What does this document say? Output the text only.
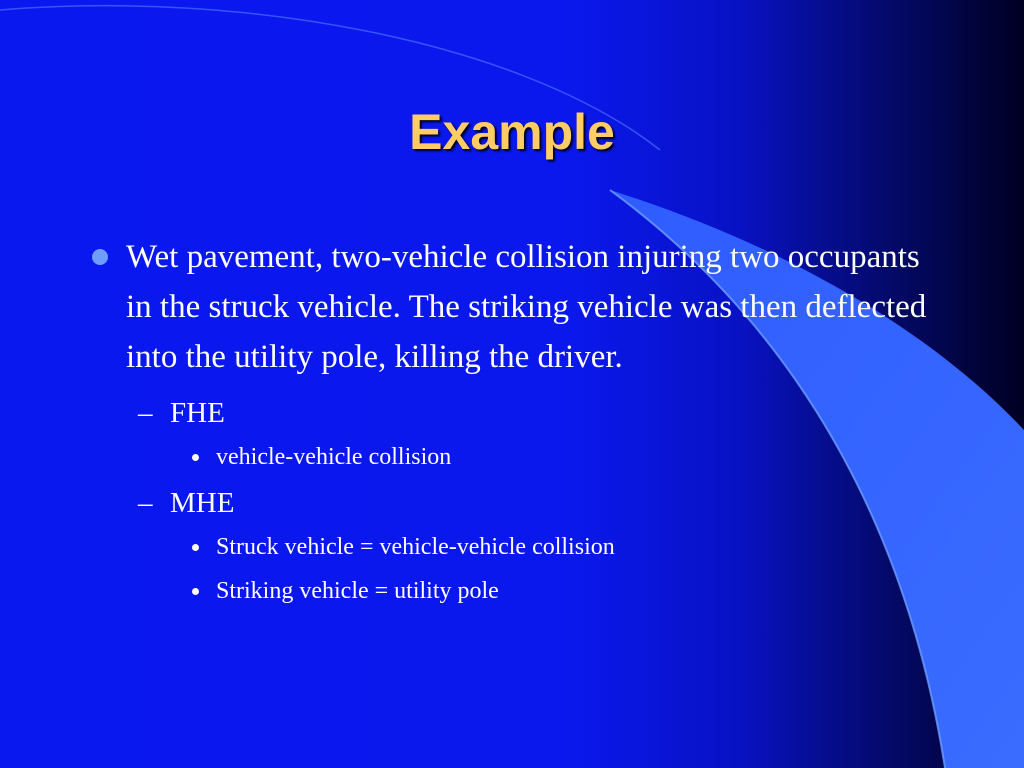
Example
Wet pavement, two-vehicle collision injuring two occupants in the struck vehicle. The striking vehicle was then deflected into the utility pole, killing the driver.
– FHE
vehicle-vehicle collision
– MHE
Struck vehicle = vehicle-vehicle collision
Striking vehicle = utility pole
